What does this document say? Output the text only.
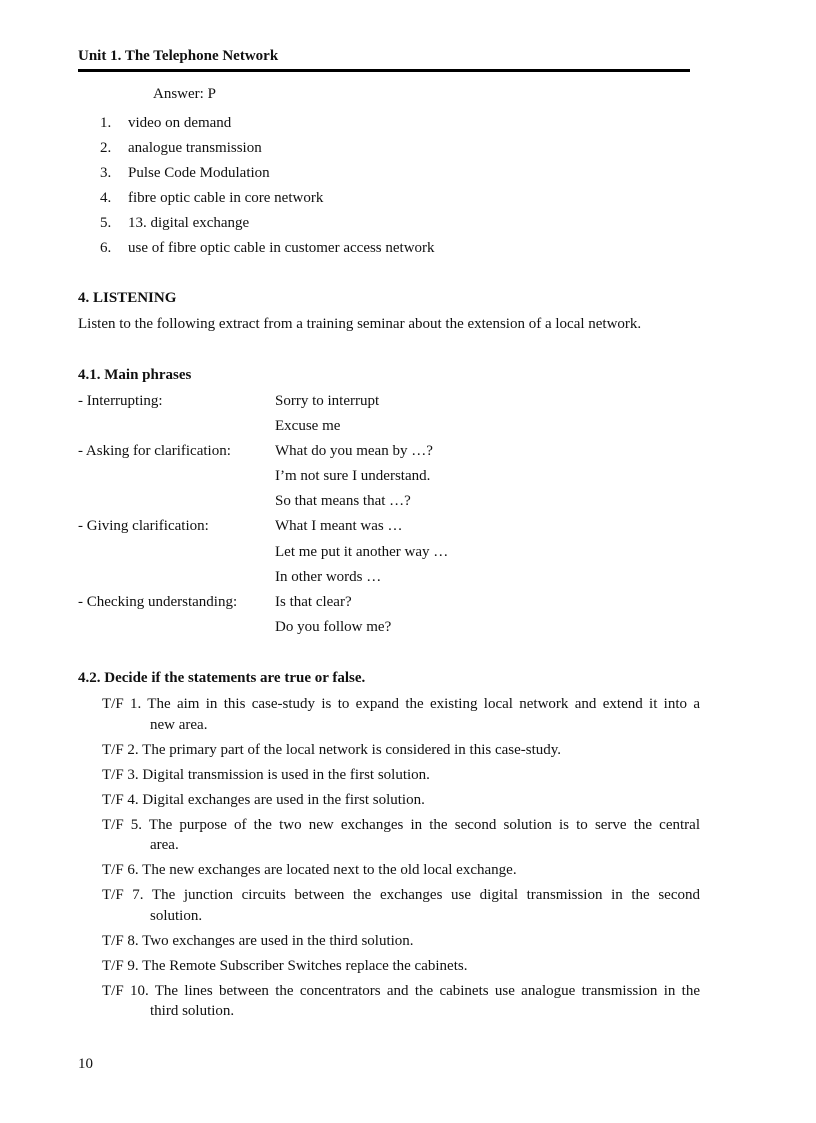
Unit 1. The Telephone Network
Answer: P
1. video on demand
2. analogue transmission
3. Pulse Code Modulation
4. fibre optic cable in core network
5. 13. digital exchange
6. use of fibre optic cable in customer access network
4. LISTENING
Listen to the following extract from a training seminar about the extension of a local network.
4.1. Main phrases
- Interrupting:	Sorry to interrupt
Excuse me
- Asking for clarification:	What do you mean by …?
I’m not sure I understand.
So that means that …?
- Giving clarification:	What I meant was …
Let me put it another way …
In other words …
- Checking understanding:	Is that clear?
Do you follow me?
4.2. Decide if the statements are true or false.
T/F 1. The aim in this case-study is to expand the existing local network and extend it into a
new area.
T/F 2. The primary part of the local network is considered in this case-study.
T/F 3. Digital transmission is used in the first solution.
T/F 4. Digital exchanges are used in the first solution.
T/F 5. The purpose of the two new exchanges in the second solution is to serve the central
area.
T/F 6. The new exchanges are located next to the old local exchange.
T/F 7. The junction circuits between the exchanges use digital transmission in the second
solution.
T/F 8. Two exchanges are used in the third solution.
T/F 9. The Remote Subscriber Switches replace the cabinets.
T/F 10. The lines between the concentrators and the cabinets use analogue transmission in the
third solution.
10
